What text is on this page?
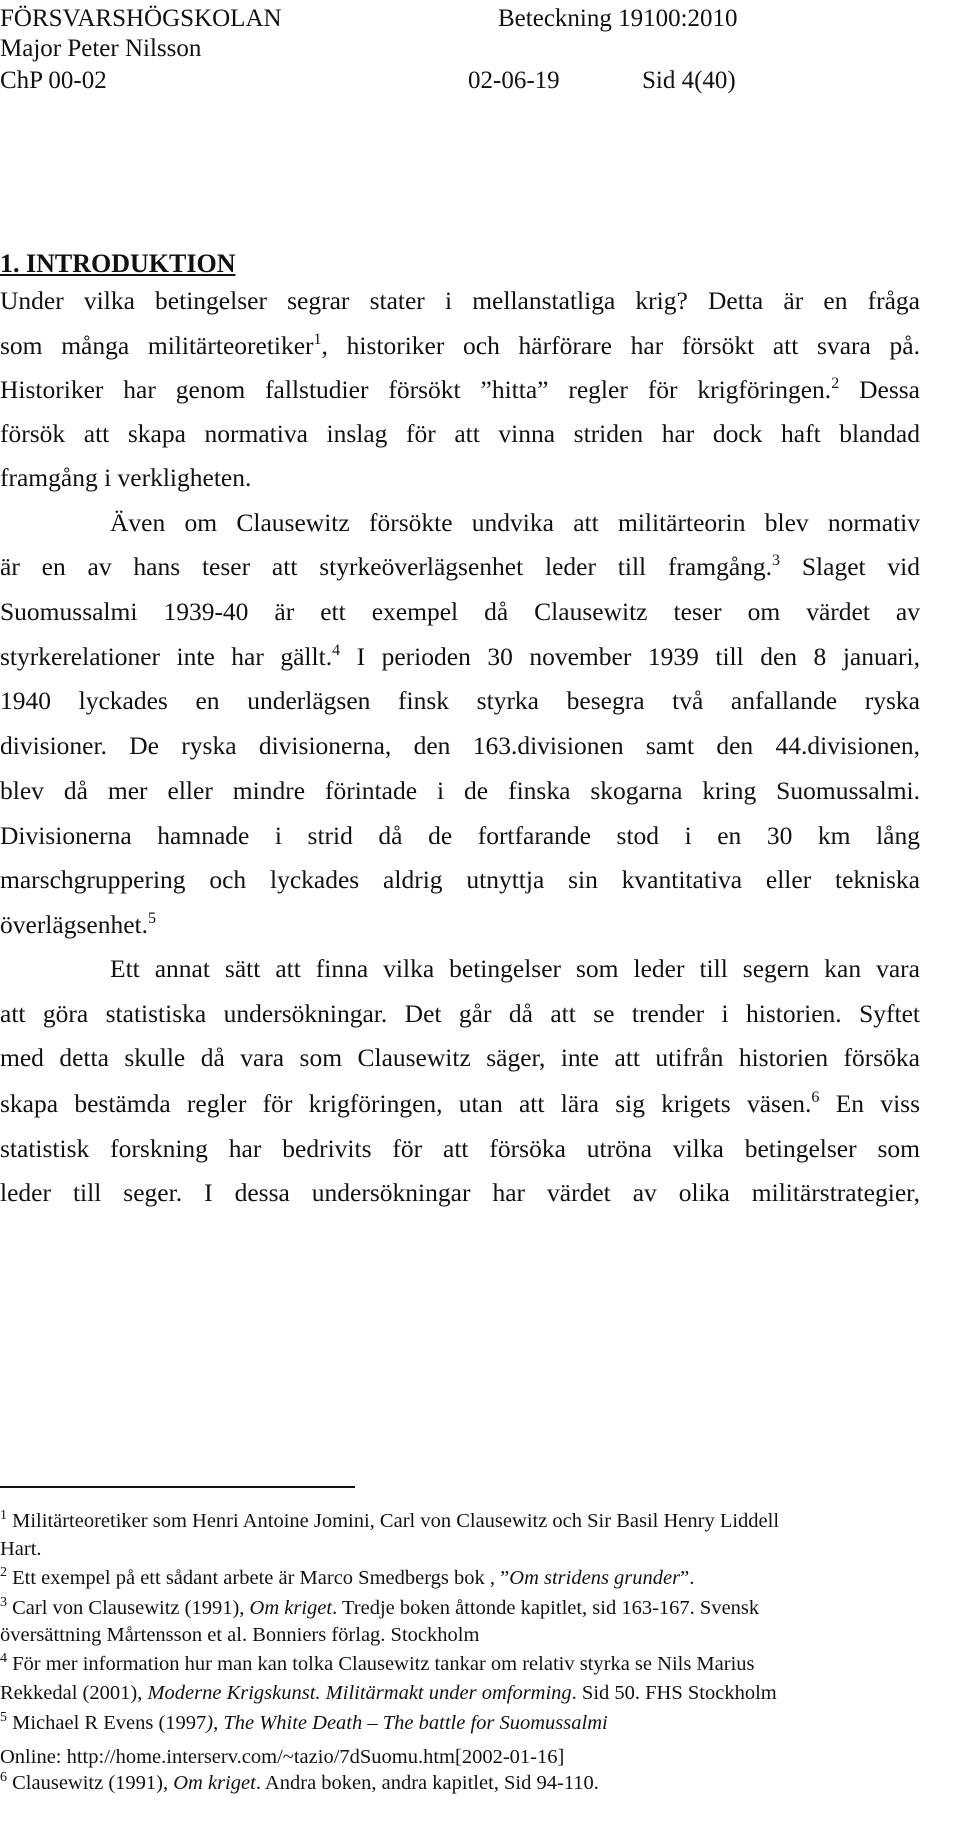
FÖRSVARSHÖGSKOLAN	Beteckning 19100:2010
Major Peter Nilsson
ChP 00-02	02-06-19	Sid 4(40)
1. INTRODUKTION
Under vilka betingelser segrar stater i mellanstatliga krig? Detta är en fråga
som många militärteoretiker$^1$, historiker och härförare har försökt att svara på.
Historiker har genom fallstudier försökt ”hitta” regler för krigföringen.$^2$ Dessa
försök att skapa normativa inslag för att vinna striden har dock haft blandad
framgång i verkligheten.
Även om Clausewitz försökte undvika att militärteorin blev normativ
är en av hans teser att styrkeöverlägsenhet leder till framgång.$^3$ Slaget vid
Suomussalmi 1939-40 är ett exempel då Clausewitz teser om värdet av
styrkerelationer inte har gällt.$^4$ I perioden 30 november 1939 till den 8 januari,
1940 lyckades en underlägsen finsk styrka besegra två anfallande ryska
divisioner. De ryska divisionerna, den 163.divisionen samt den 44.divisionen,
blev då mer eller mindre förintade i de finska skogarna kring Suomussalmi.
Divisionerna hamnade i strid då de fortfarande stod i en 30 km lång
marschgruppering och lyckades aldrig utnyttja sin kvantitativa eller tekniska
överlägsenhet.$^5$
Ett annat sätt att finna vilka betingelser som leder till segern kan vara
att göra statistiska undersökningar. Det går då att se trender i historien. Syftet
med detta skulle då vara som Clausewitz säger, inte att utifrån historien försöka
skapa bestämda regler för krigföringen, utan att lära sig krigets väsen.$^6$ En viss
statistisk forskning har bedrivits för att försöka utröna vilka betingelser som
leder till seger. I dessa undersökningar har värdet av olika militärstrategier,
$^1$ Militärteoretiker som Henri Antoine Jomini, Carl von Clausewitz och Sir Basil Henry Liddell
Hart.
$^2$ Ett exempel på ett sådant arbete är Marco Smedbergs bok , ”Om stridens grunder”.
$^3$ Carl von Clausewitz (1991), Om kriget. Tredje boken åttonde kapitlet, sid 163-167. Svensk
översättning Mårtensson et al. Bonniers förlag. Stockholm
$^4$ För mer information hur man kan tolka Clausewitz tankar om relativ styrka se Nils Marius
Rekkedal (2001), Moderne Krigskunst. Militärmakt under omforming. Sid 50. FHS Stockholm
$^5$ Michael R Evens (1997), The White Death – The battle for Suomussalmi
Online: http://home.interserv.com/~tazio/7dSuomu.htm[2002-01-16]
$^6$ Clausewitz (1991), Om kriget. Andra boken, andra kapitlet, Sid 94-110.
